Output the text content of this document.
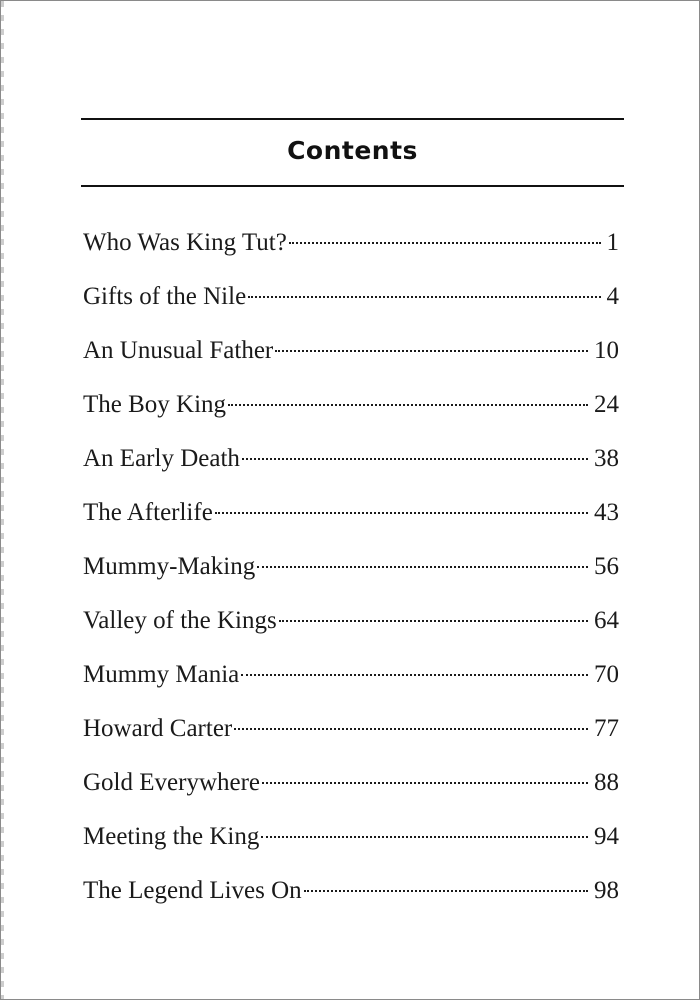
Contents
Who Was King Tut?	1
Gifts of the Nile	4
An Unusual Father	10
The Boy King	24
An Early Death	38
The Afterlife	43
Mummy-Making	56
Valley of the Kings	64
Mummy Mania	70
Howard Carter	77
Gold Everywhere	88
Meeting the King	94
The Legend Lives On	98
